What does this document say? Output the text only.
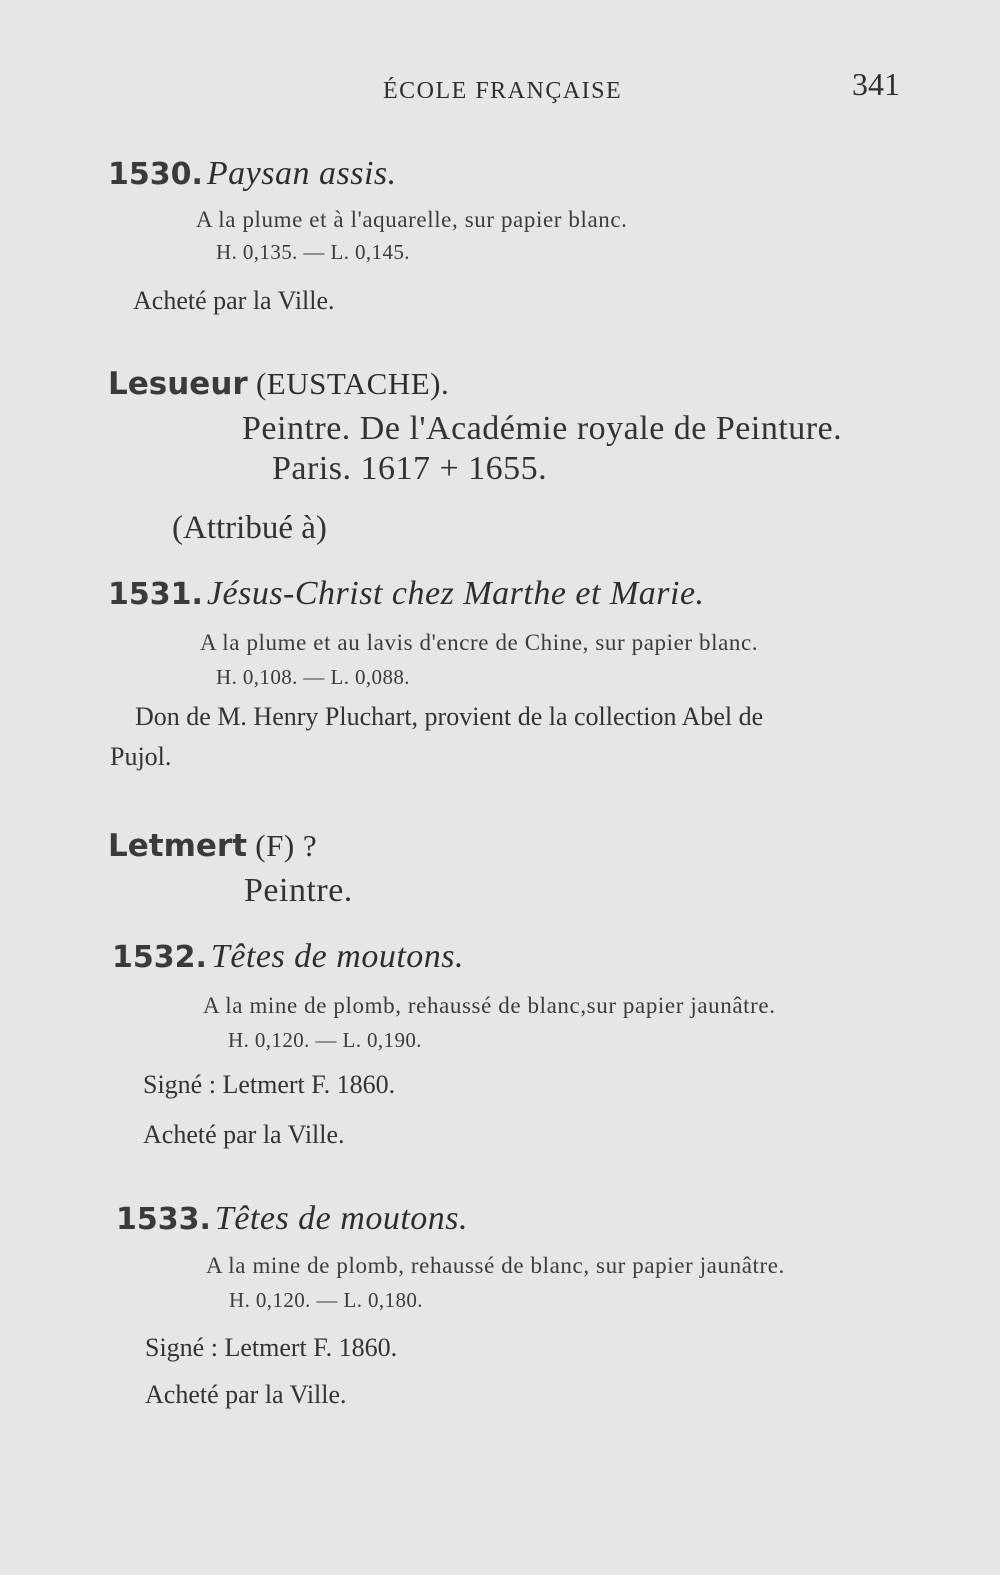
ÉCOLE FRANÇAISE	341
1530. Paysan assis.
A la plume et à l'aquarelle, sur papier blanc.
H. 0,135. — L. 0,145.
Acheté par la Ville.
Lesueur (EUSTACHE).
Peintre. De l'Académie royale de Peinture.
Paris. 1617 + 1655.
(Attribué à)
1531. Jésus-Christ chez Marthe et Marie.
A la plume et au lavis d'encre de Chine, sur papier blanc.
H. 0,108. — L. 0,088.
Don de M. Henry Pluchart, provient de la collection Abel de
Pujol.
Letmert (F) ?
Peintre.
1532. Têtes de moutons.
A la mine de plomb, rehaussé de blanc,sur papier jaunâtre.
H. 0,120. — L. 0,190.
Signé : Letmert F. 1860.
Acheté par la Ville.
1533. Têtes de moutons.
A la mine de plomb, rehaussé de blanc, sur papier jaunâtre.
H. 0,120. — L. 0,180.
Signé : Letmert F. 1860.
Acheté par la Ville.
